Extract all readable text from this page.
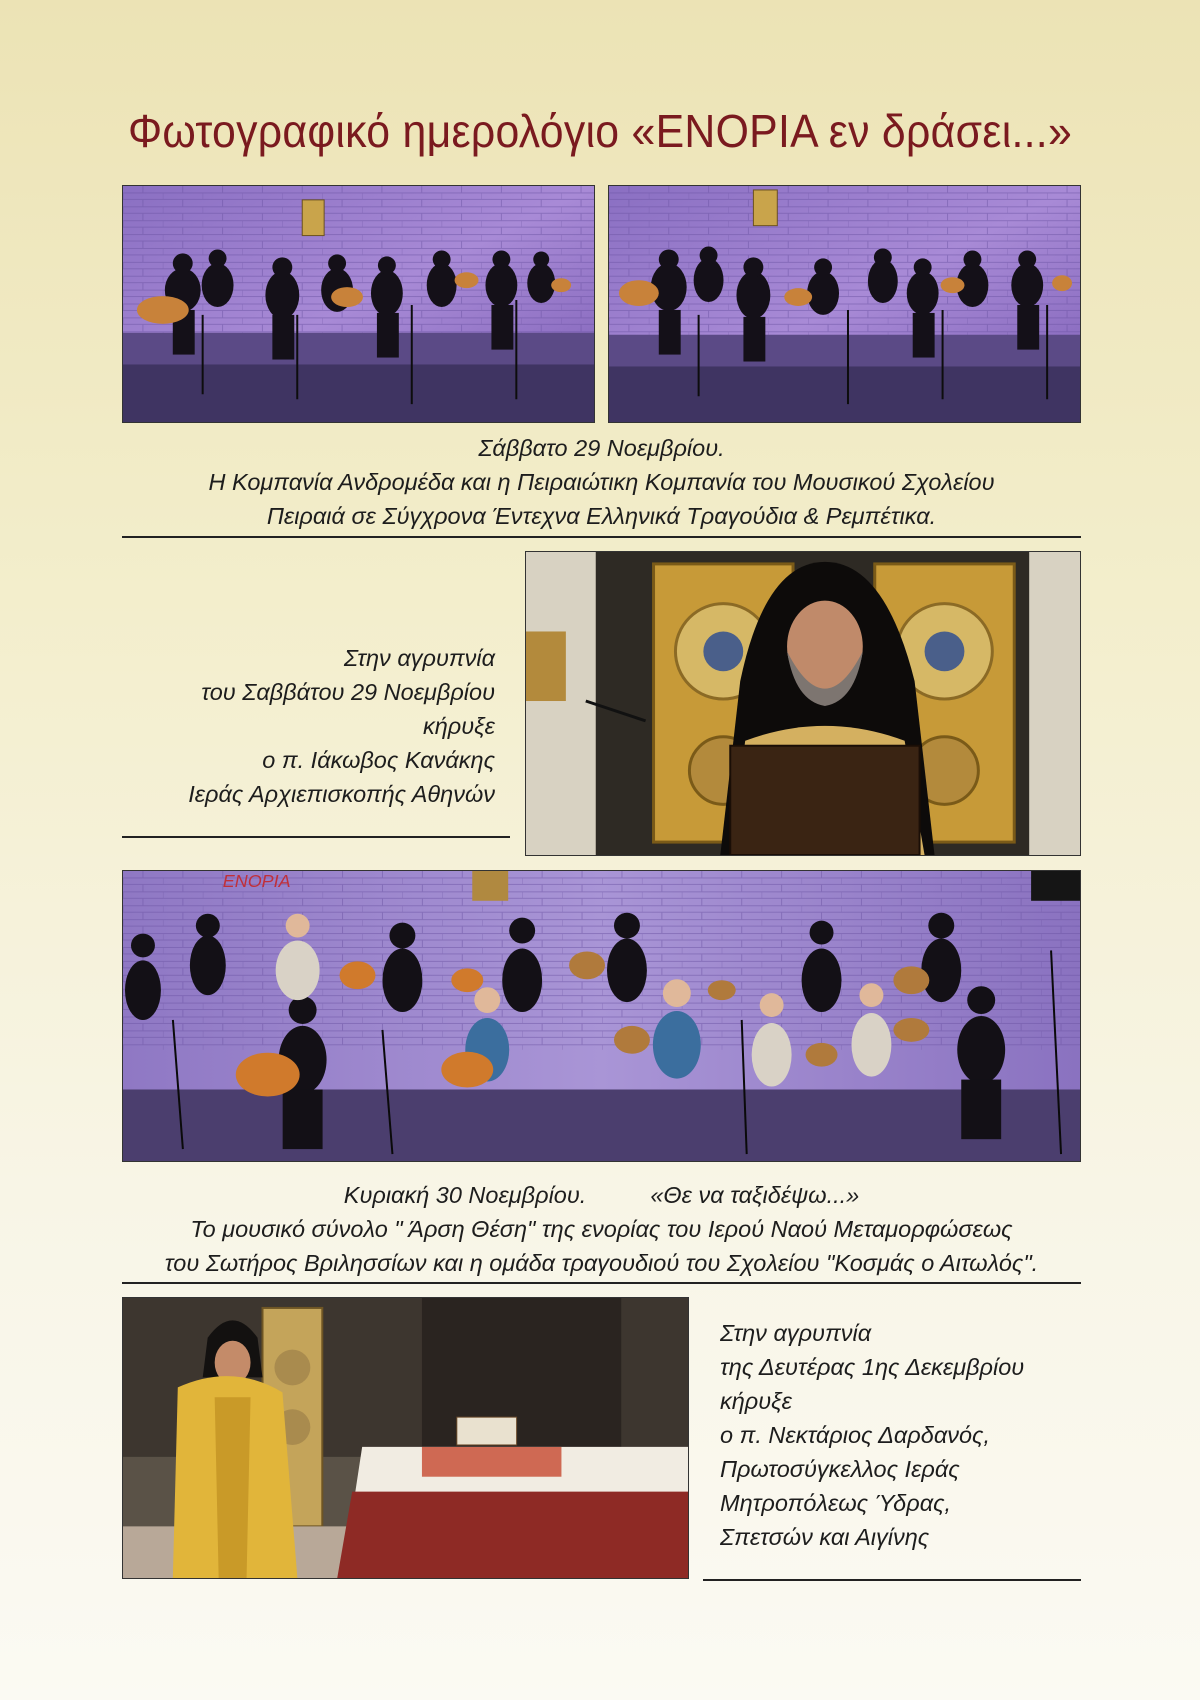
Φωτογραφικό ημερολόγιο «ΕΝΟΡΙΑ εν δράσει...»
Σάββατο 29 Νοεμβρίου.
Η Κομπανία Ανδρομέδα και η Πειραιώτικη Κομπανία του Μουσικού Σχολείου
Πειραιά σε Σύγχρονα Έντεχνα Ελληνικά Τραγούδια & Ρεμπέτικα.
Στην αγρυπνία
του Σαββάτου 29 Νοεμβρίου
κήρυξε
ο π. Ιάκωβος Κανάκης
Ιεράς Αρχιεπισκοπής Αθηνών
ΕΝΟΡΙΑ
Κυριακή 30 Νοεμβρίου.	«Θε να ταξιδέψω...»
Το μουσικό σύνολο " Άρση Θέση" της ενορίας του Ιερού Ναού Μεταμορφώσεως
του Σωτήρος Βριλησσίων και η ομάδα τραγουδιού του Σχολείου "Κοσμάς ο Αιτωλός".
Στην αγρυπνία
της Δευτέρας 1ης Δεκεμβρίου
κήρυξε
ο π. Νεκτάριος Δαρδανός,
Πρωτοσύγκελλος Ιεράς
Μητροπόλεως Ύδρας,
Σπετσών και Αιγίνης
